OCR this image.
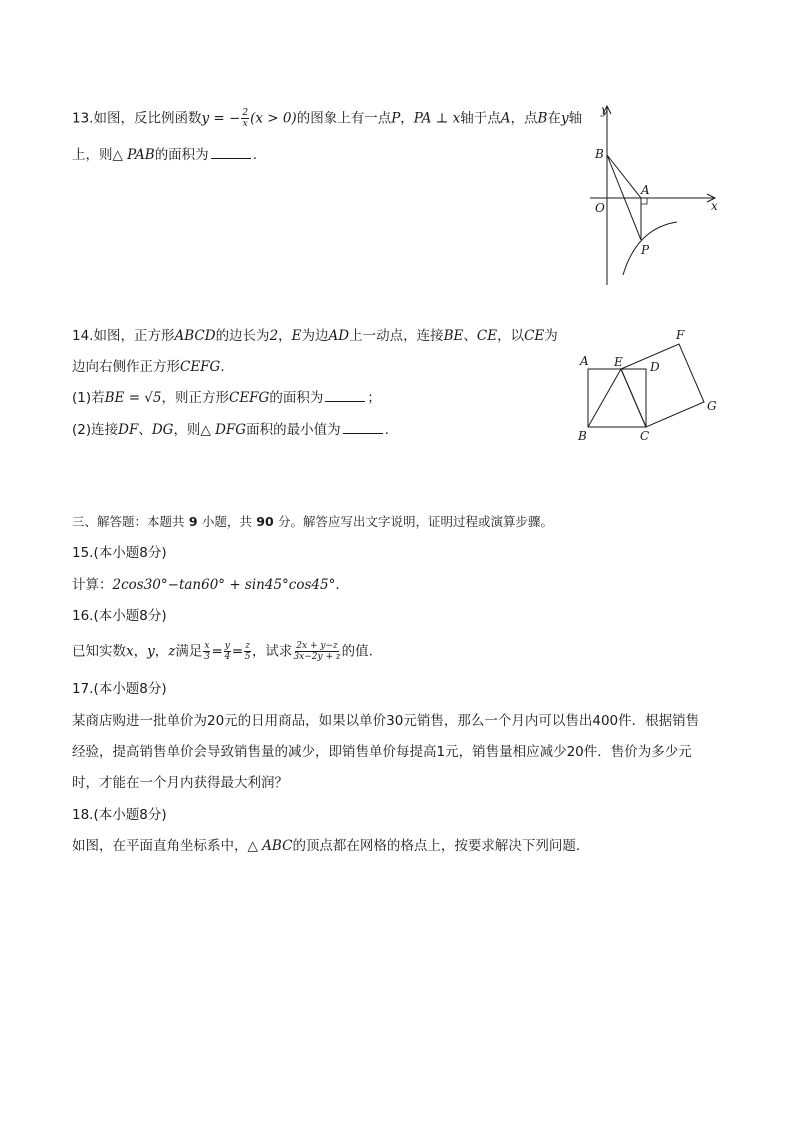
13.如图，反比例函数y = − $\frac{2}{x} (x > 0)$的图象上有一点P，PA ⊥ x轴于点A，点B在y轴
上，则△ PAB的面积为	.
y
B
A
O	x
P
14.如图，正方形ABCD的边长为2，E为边AD上一动点，连接BE、CE，以CE为
边向右侧作正方形CEFG.
(1)若BE = √5，则正方形CEFG的面积为	；
(2)连接DF、DG，则△ DFG面积的最小值为	.
A E D
F
G
B	C
三、解答题：本题共 9 小题，共 90 分。解答应写出文字说明，证明过程或演算步骤。
15.(本小题8分)
计算：2cos30°−tan60° + sin45°cos45°.
16.(本小题8分)
已知实数x，y，z满足 $\frac{x}{3} = \frac{y}{4} = \frac{z}{5}$ ，试求 $\frac{2x + y-z}{3x-2y + z}$ 的值.
17.(本小题8分)
某商店购进一批单价为20元的日用商品，如果以单价30元销售，那么一个月内可以售出400件．根据销售
经验，提高销售单价会导致销售量的减少，即销售单价每提高1元，销售量相应减少20件．售价为多少元
时，才能在一个月内获得最大利润？
18.(本小题8分)
如图，在平面直角坐标系中，△ ABC的顶点都在网格的格点上，按要求解决下列问题.
